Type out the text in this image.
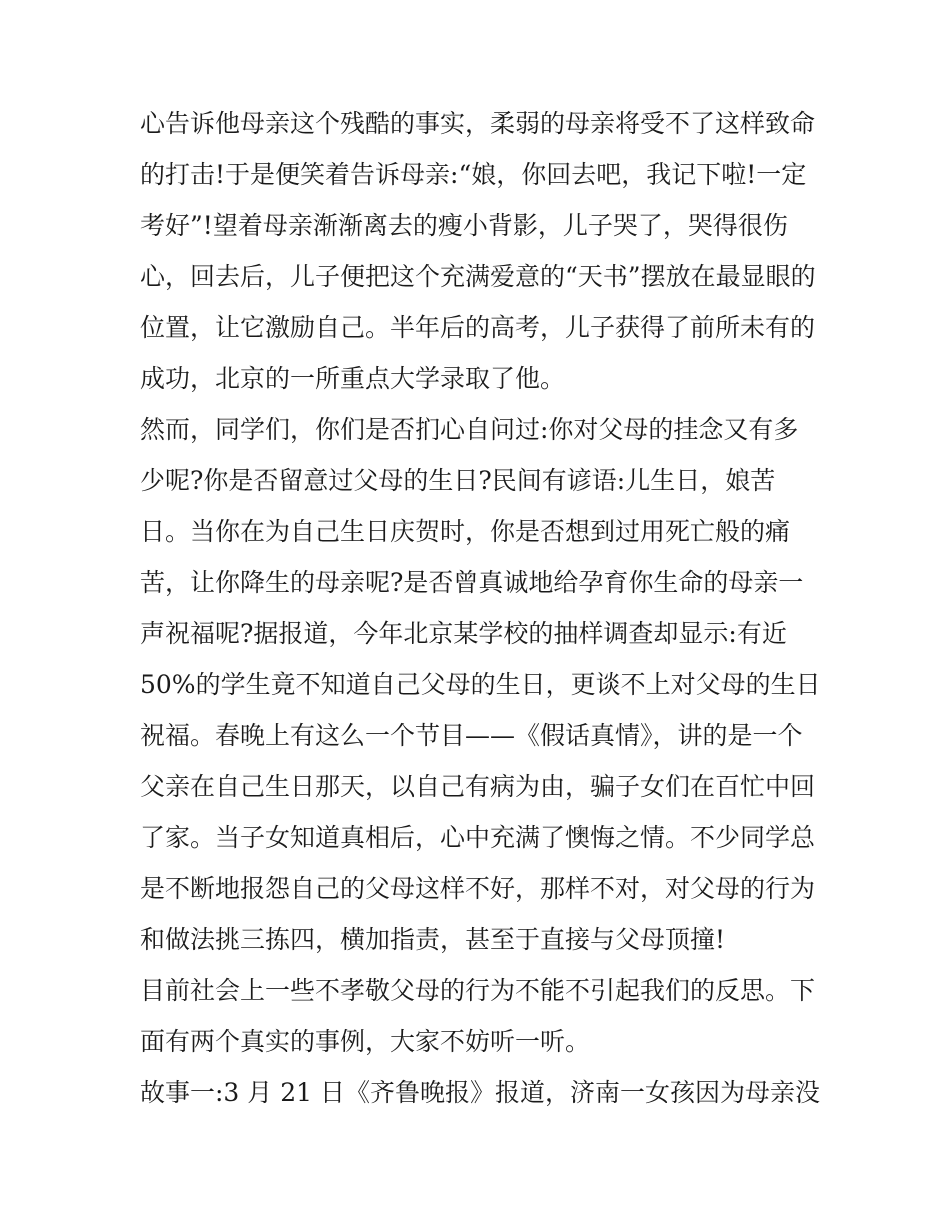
心告诉他母亲这个残酷的事实，柔弱的母亲将受不了这样致命
的打击!于是便笑着告诉母亲:“娘，你回去吧，我记下啦!一定
考好”!望着母亲渐渐离去的瘦小背影，儿子哭了，哭得很伤
心，回去后，儿子便把这个充满爱意的“天书”摆放在最显眼的
位置，让它激励自己。半年后的高考，儿子获得了前所未有的
成功，北京的一所重点大学录取了他。
然而，同学们，你们是否扪心自问过:你对父母的挂念又有多
少呢?你是否留意过父母的生日?民间有谚语:儿生日，娘苦
日。当你在为自己生日庆贺时，你是否想到过用死亡般的痛
苦，让你降生的母亲呢?是否曾真诚地给孕育你生命的母亲一
声祝福呢?据报道，今年北京某学校的抽样调查却显示:有近
50%的学生竟不知道自己父母的生日，更谈不上对父母的生日
祝福。春晚上有这么一个节目——《假话真情》，讲的是一个
父亲在自己生日那天，以自己有病为由，骗子女们在百忙中回
了家。当子女知道真相后，心中充满了懊悔之情。不少同学总
是不断地报怨自己的父母这样不好，那样不对，对父母的行为
和做法挑三拣四，横加指责，甚至于直接与父母顶撞!
目前社会上一些不孝敬父母的行为不能不引起我们的反思。下
面有两个真实的事例，大家不妨听一听。
故事一:3 月 21 日《齐鲁晚报》报道，济南一女孩因为母亲没
